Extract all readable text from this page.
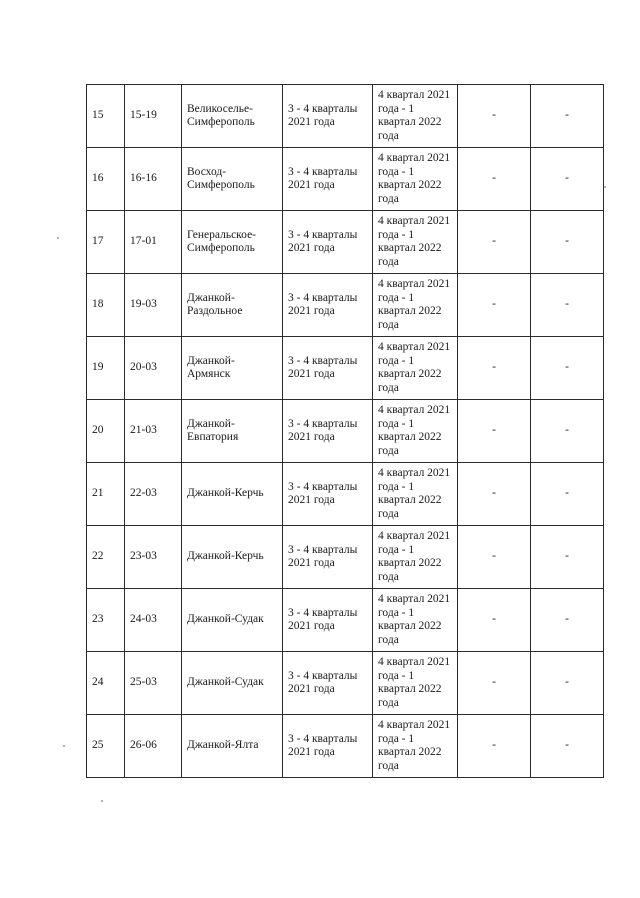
15	15-19	Великоселье-Симферополь	3 - 4 кварталы 2021 года	4 квартал 2021 года - 1 квартал 2022 года	-	-
16	16-16	Восход-Симферополь	3 - 4 кварталы 2021 года	4 квартал 2021 года - 1 квартал 2022 года	-	-
17	17-01	Генеральское-Симферополь	3 - 4 кварталы 2021 года	4 квартал 2021 года - 1 квартал 2022 года	-	-
18	19-03	Джанкой-Раздольное	3 - 4 кварталы 2021 года	4 квартал 2021 года - 1 квартал 2022 года	-	-
19	20-03	Джанкой-Армянск	3 - 4 кварталы 2021 года	4 квартал 2021 года - 1 квартал 2022 года	-	-
20	21-03	Джанкой-Евпатория	3 - 4 кварталы 2021 года	4 квартал 2021 года - 1 квартал 2022 года	-	-
21	22-03	Джанкой-Керчь	3 - 4 кварталы 2021 года	4 квартал 2021 года - 1 квартал 2022 года	-	-
22	23-03	Джанкой-Керчь	3 - 4 кварталы 2021 года	4 квартал 2021 года - 1 квартал 2022 года	-	-
23	24-03	Джанкой-Судак	3 - 4 кварталы 2021 года	4 квартал 2021 года - 1 квартал 2022 года	-	-
24	25-03	Джанкой-Судак	3 - 4 кварталы 2021 года	4 квартал 2021 года - 1 квартал 2022 года	-	-
25	26-06	Джанкой-Ялта	3 - 4 кварталы 2021 года	4 квартал 2021 года - 1 квартал 2022 года	-	-
